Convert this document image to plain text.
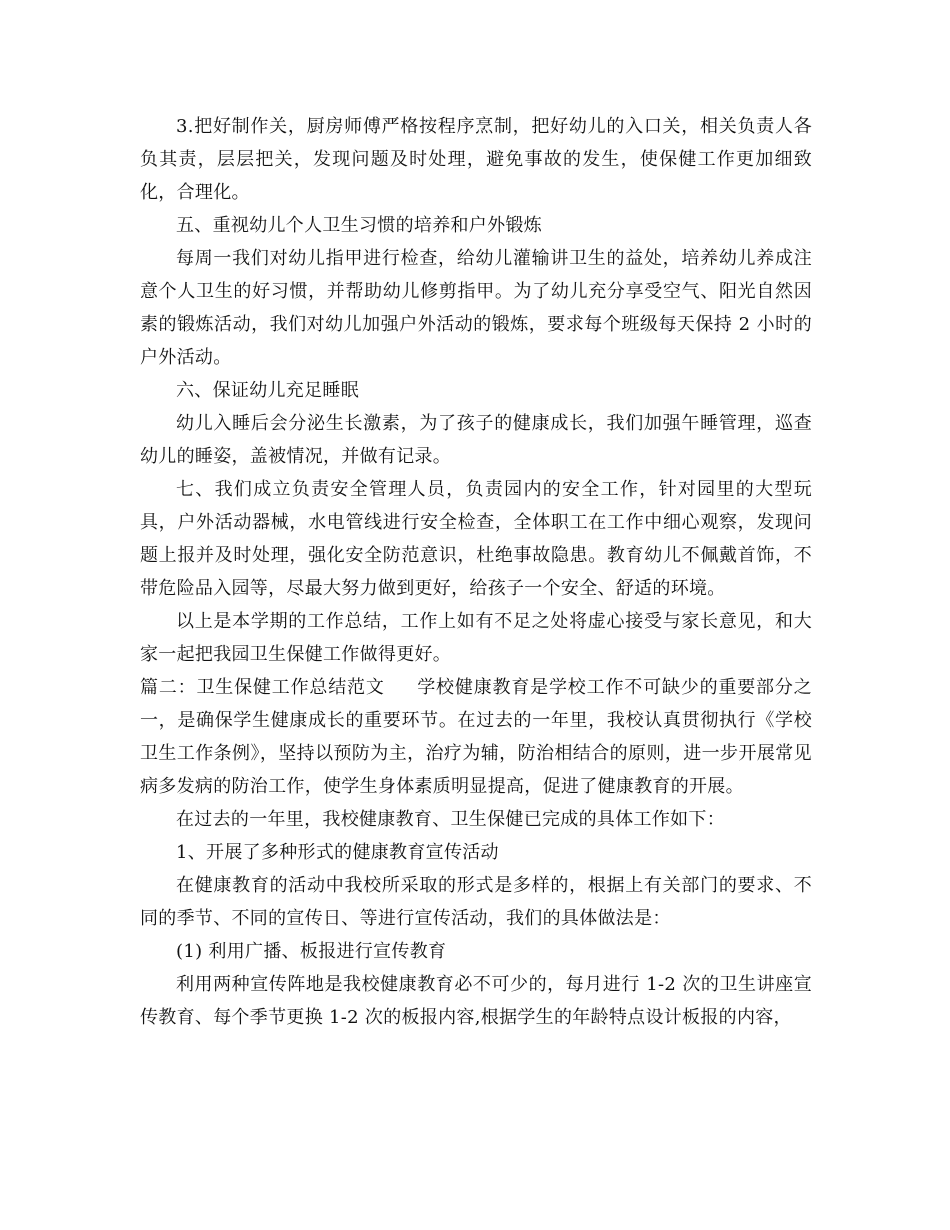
3.把好制作关，厨房师傅严格按程序烹制，把好幼儿的入口关，相关负责人各负其责，层层把关，发现问题及时处理，避免事故的发生，使保健工作更加细致化，合理化。

五、重视幼儿个人卫生习惯的培养和户外锻炼

每周一我们对幼儿指甲进行检查，给幼儿灌输讲卫生的益处，培养幼儿养成注意个人卫生的好习惯，并帮助幼儿修剪指甲。为了幼儿充分享受空气、阳光自然因素的锻炼活动，我们对幼儿加强户外活动的锻炼，要求每个班级每天保持 2 小时的户外活动。

六、保证幼儿充足睡眠

幼儿入睡后会分泌生长激素，为了孩子的健康成长，我们加强午睡管理，巡查幼儿的睡姿，盖被情况，并做有记录。

七、我们成立负责安全管理人员，负责园内的安全工作，针对园里的大型玩具，户外活动器械，水电管线进行安全检查，全体职工在工作中细心观察，发现问题上报并及时处理，强化安全防范意识，杜绝事故隐患。教育幼儿不佩戴首饰，不带危险品入园等，尽最大努力做到更好，给孩子一个安全、舒适的环境。

以上是本学期的工作总结，工作上如有不足之处将虚心接受与家长意见，和大家一起把我园卫生保健工作做得更好。

篇二：卫生保健工作总结范文 学校健康教育是学校工作不可缺少的重要部分之一，是确保学生健康成长的重要环节。在过去的一年里，我校认真贯彻执行《学校卫生工作条例》，坚持以预防为主，治疗为辅，防治相结合的原则，进一步开展常见病多发病的防治工作，使学生身体素质明显提高，促进了健康教育的开展。

在过去的一年里，我校健康教育、卫生保健已完成的具体工作如下：

1、开展了多种形式的健康教育宣传活动

在健康教育的活动中我校所采取的形式是多样的，根据上有关部门的要求、不同的季节、不同的宣传日、等进行宣传活动，我们的具体做法是：

(1) 利用广播、板报进行宣传教育

利用两种宣传阵地是我校健康教育必不可少的，每月进行 1-2 次的卫生讲座宣传教育、每个季节更换 1-2 次的板报内容,根据学生的年龄特点设计板报的内容，
